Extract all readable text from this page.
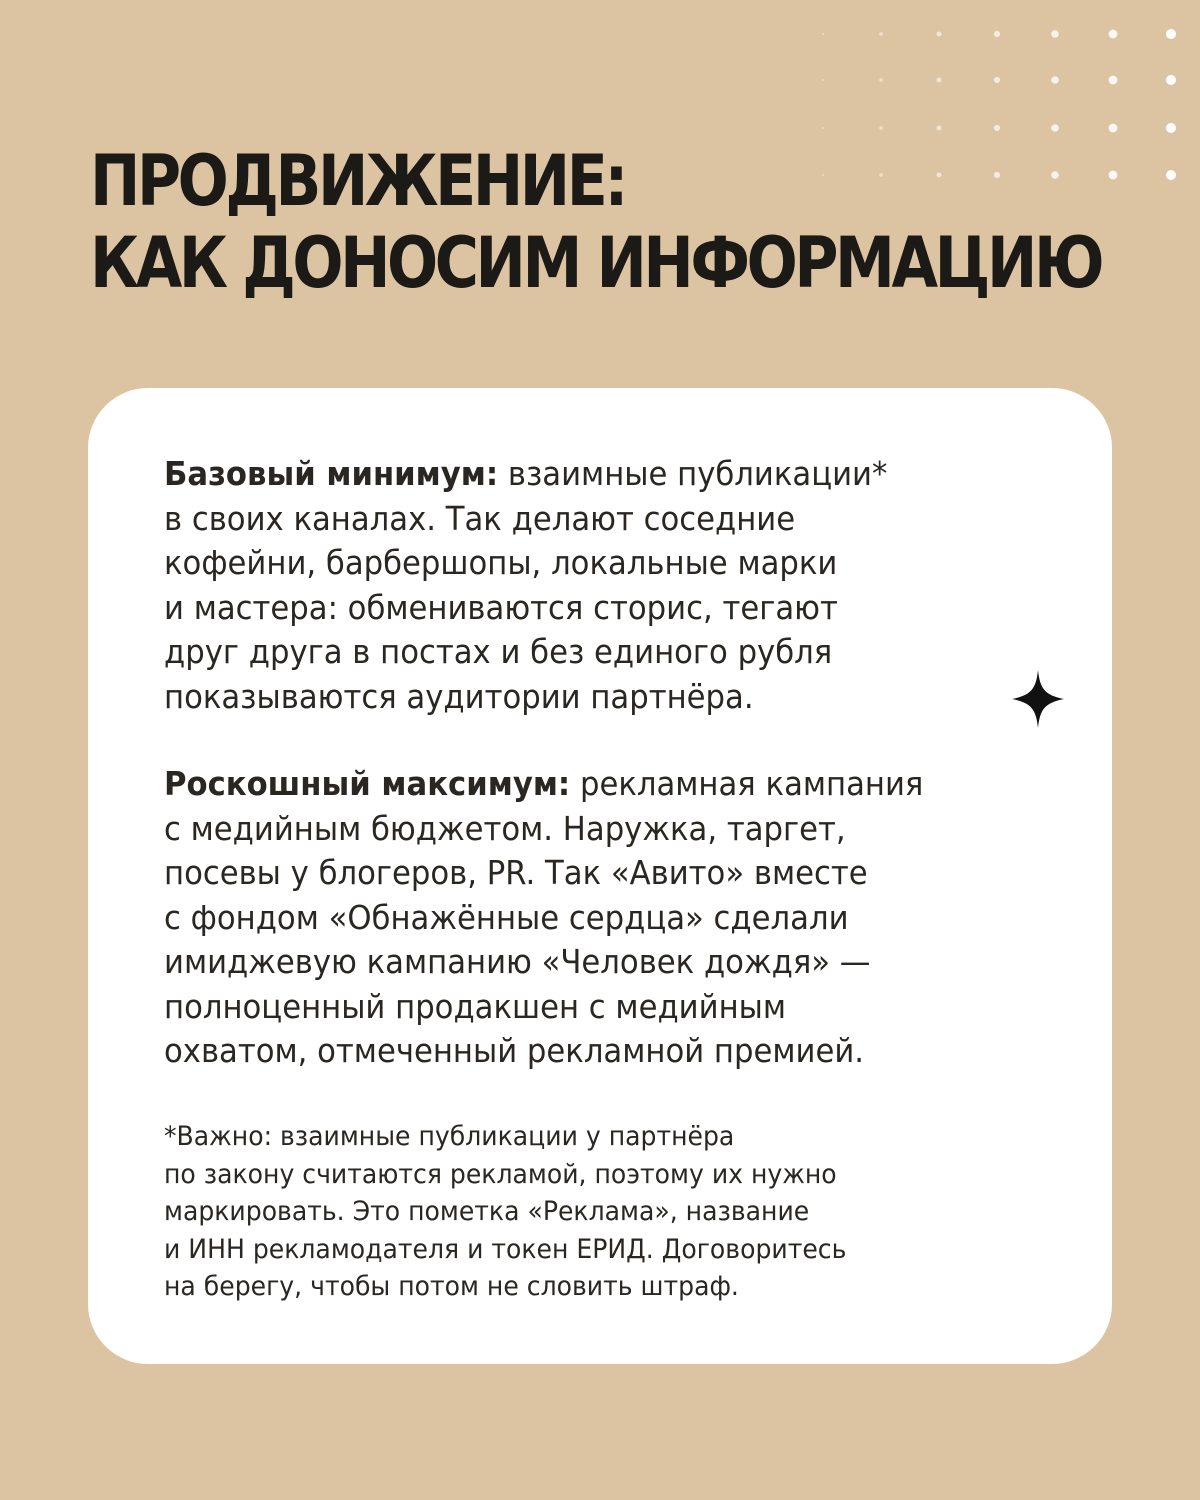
ПРОДВИЖЕНИЕ:
КАК ДОНОСИМ ИНФОРМАЦИЮ

Базовый минимум: взаимные публикации*
в своих каналах. Так делают соседние
кофейни, барбершопы, локальные марки
и мастера: обмениваются сторис, тегают
друг друга в постах и без единого рубля
показываются аудитории партнёра.

Роскошный максимум: рекламная кампания
с медийным бюджетом. Наружка, таргет,
посевы у блогеров, PR. Так «Авито» вместе
с фондом «Обнажённые сердца» сделали
имиджевую кампанию «Человек дождя» —
полноценный продакшен с медийным
охватом, отмеченный рекламной премией.

*Важно: взаимные публикации у партнёра
по закону считаются рекламой, поэтому их нужно
маркировать. Это пометка «Реклама», название
и ИНН рекламодателя и токен ЕРИД. Договоритесь
на берегу, чтобы потом не словить штраф.
